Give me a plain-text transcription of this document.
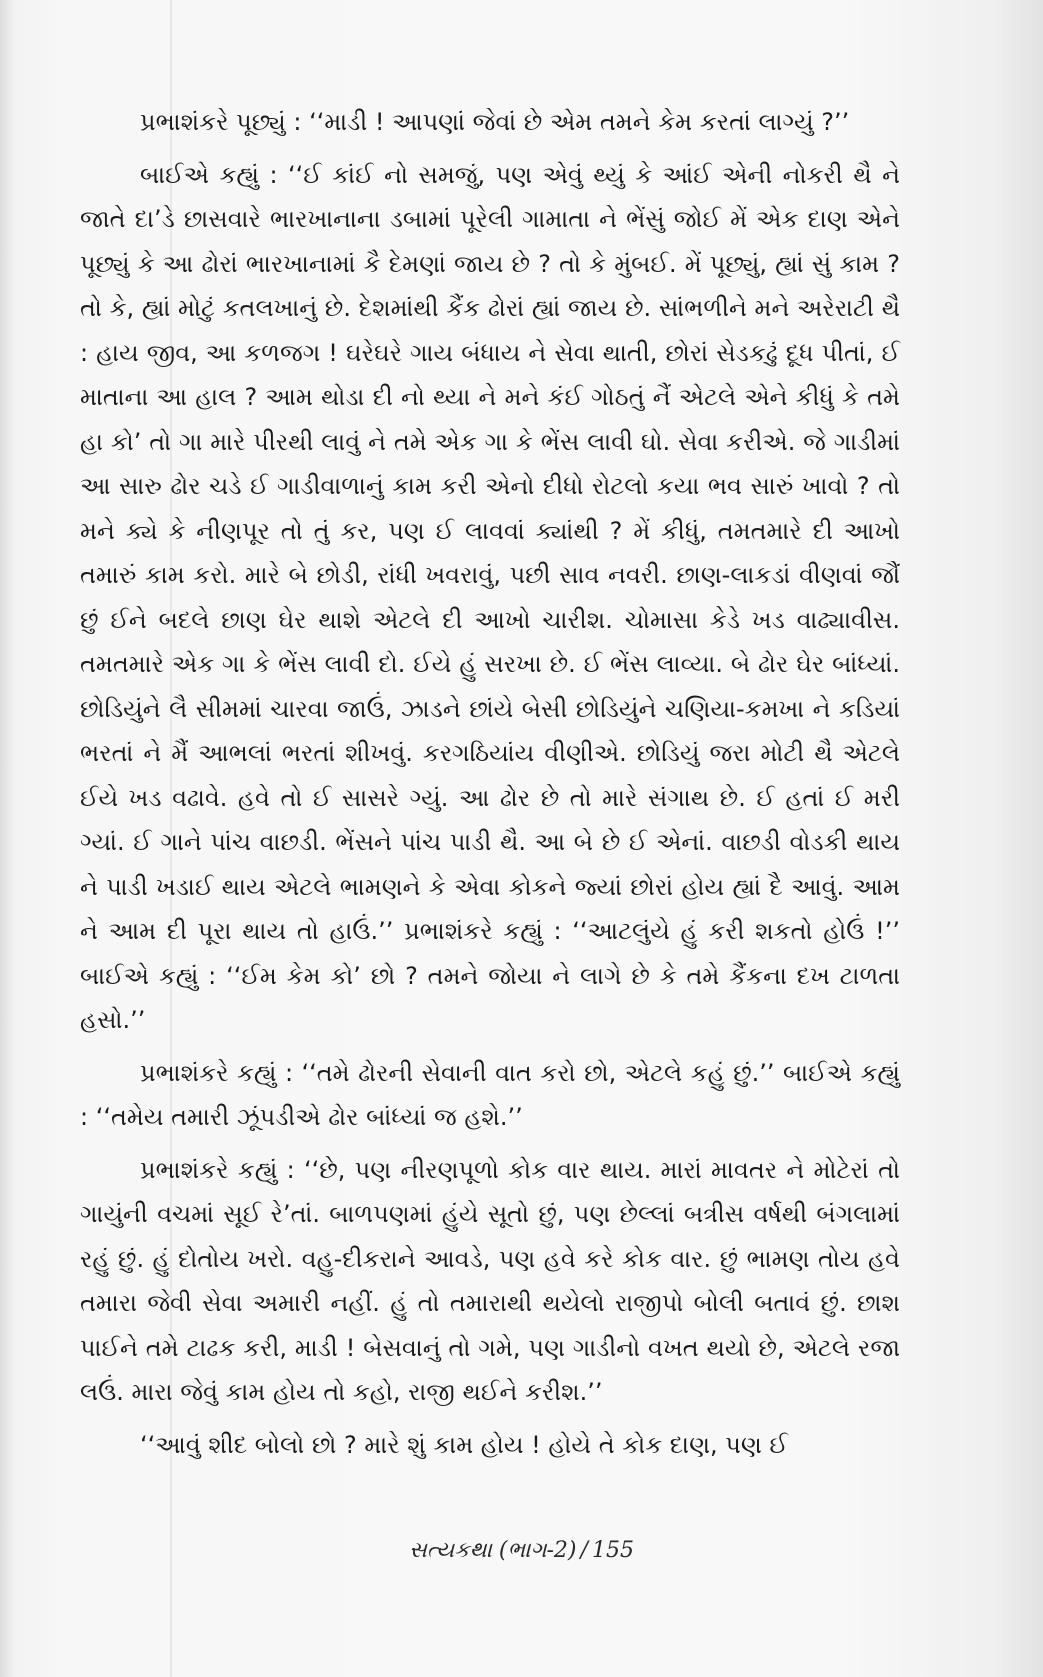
પ્રભાશંકરે પૂછ્યું : ‘‘માડી ! આપણાં જેવાં છે એમ તમને કેમ કરતાં લાગ્યું ?’’

બાઈએ કહ્યું : ‘‘ઈ કાંઈ નો સમજું, પણ એવું થ્યું કે આંઈ એની નોકરી થૈ ને જાતે દા’ડે છાસવારે ભારખાનાના ડબામાં પૂરેલી ગામાતા ને ભેંસું જોઈ મેં એક દાણ એને પૂછ્યું કે આ ઢોરાં ભારખાનામાં કૈ દેમણાં જાય છે ? તો કે મુંબઈ. મેં પૂછ્યું, હ્યાં સું કામ ? તો કે, હ્યાં મોટું કતલખાનું છે. દેશમાંથી કૈંક ઢોરાં હ્યાં જાય છે. સાંભળીને મને અરેરાટી થૈ : હાય જીવ, આ કળજગ ! ઘરેઘરે ગાય બંધાય ને સેવા થાતી, છોરાં સેડકઢું દૂધ પીતાં, ઈ માતાના આ હાલ ? આમ થોડા દી નો થ્યા ને મને કંઈ ગોઠતું નૈં એટલે એને કીધું કે તમે હા કો’ તો ગા મારે પીરથી લાવું ને તમે એક ગા કે ભેંસ લાવી ઘો. સેવા કરીએ. જે ગાડીમાં આ સારુ ઢોર ચડે ઈ ગાડીવાળાનું કામ કરી એનો દીધો રોટલો કયા ભવ સારું ખાવો ? તો મને ક્યે કે નીણપૂર તો તું કર, પણ ઈ લાવવાં ક્યાંથી ? મેં કીધું, તમતમારે દી આખો તમારું કામ કરો. મારે બે છોડી, રાંધી ખવરાવું, પછી સાવ નવરી. છાણ-લાકડાં વીણવાં જૌં છું ઈને બદલે છાણ ઘેર થાશે એટલે દી આખો ચારીશ. ચોમાસા કેડે ખડ વાઢ્યાવીસ. તમતમારે એક ગા કે ભેંસ લાવી દો. ઈયે હું સરખા છે. ઈ ભેંસ લાવ્યા. બે ઢોર ઘેર બાંધ્યાં. છોડિયુંને લૈ સીમમાં ચારવા જાઉં, ઝાડને છાંયે બેસી છોડિયુંને ચણિયા-કમખા ને કડિયાં ભરતાં ને મૈં આભલાં ભરતાં શીખવું. કરગઠિયાંય વીણીએ. છોડિયું જરા મોટી થૈ એટલે ઈયે ખડ વઢાવે. હવે તો ઈ સાસરે ગ્યું. આ ઢોર છે તો મારે સંગાથ છે. ઈ હતાં ઈ મરી ગ્યાં. ઈ ગાને પાંચ વાછડી. ભેંસને પાંચ પાડી થૈ. આ બે છે ઈ એનાં. વાછડી વોડકી થાય ને પાડી ખડાઈ થાય એટલે ભામણને કે એવા કોકને જ્યાં છોરાં હોય હ્યાં દૈ આવું. આમ ને આમ દી પૂરા થાય તો હાઉં.’’ પ્રભાશંકરે કહ્યું : ‘‘આટલુંયે હું કરી શકતો હોઉં !’’ બાઈએ કહ્યું : ‘‘ઈમ કેમ કો’ છો ? તમને જોયા ને લાગે છે કે તમે કૈંકના દખ ટાળતા હસો.’’

પ્રભાશંકરે કહ્યું : ‘‘તમે ઢોરની સેવાની વાત કરો છો, એટલે કહું છું.’’ બાઈએ કહ્યું : ‘‘તમેય તમારી ઝૂંપડીએ ઢોર બાંધ્યાં જ હશે.’’

પ્રભાશંકરે કહ્યું : ‘‘છે, પણ નીરણપૂળો કોક વાર થાય. મારાં માવતર ને મોટેરાં તો ગાયુંની વચમાં સૂઈ રે’તાં. બાળપણમાં હુંયે સૂતો છું, પણ છેલ્લાં બત્રીસ વર્ષથી બંગલામાં રહું છું. હું દોતોય ખરો. વહુ-દીકરાને આવડે, પણ હવે કરે કોક વાર. છું ભામણ તોય હવે તમારા જેવી સેવા અમારી નહીં. હું તો તમારાથી થયેલો રાજીપો બોલી બતાવં છું. છાશ પાઈને તમે ટાઢક કરી, માડી ! બેસવાનું તો ગમે, પણ ગાડીનો વખત થયો છે, એટલે રજા લઉં. મારા જેવું કામ હોય તો કહો, રાજી થઈને કરીશ.’’

‘‘આવું શીદ બોલો છો ? મારે શું કામ હોય ! હોયે તે કોક દાણ, પણ ઈ

સત્યકથા (ભાગ-2) / 155
